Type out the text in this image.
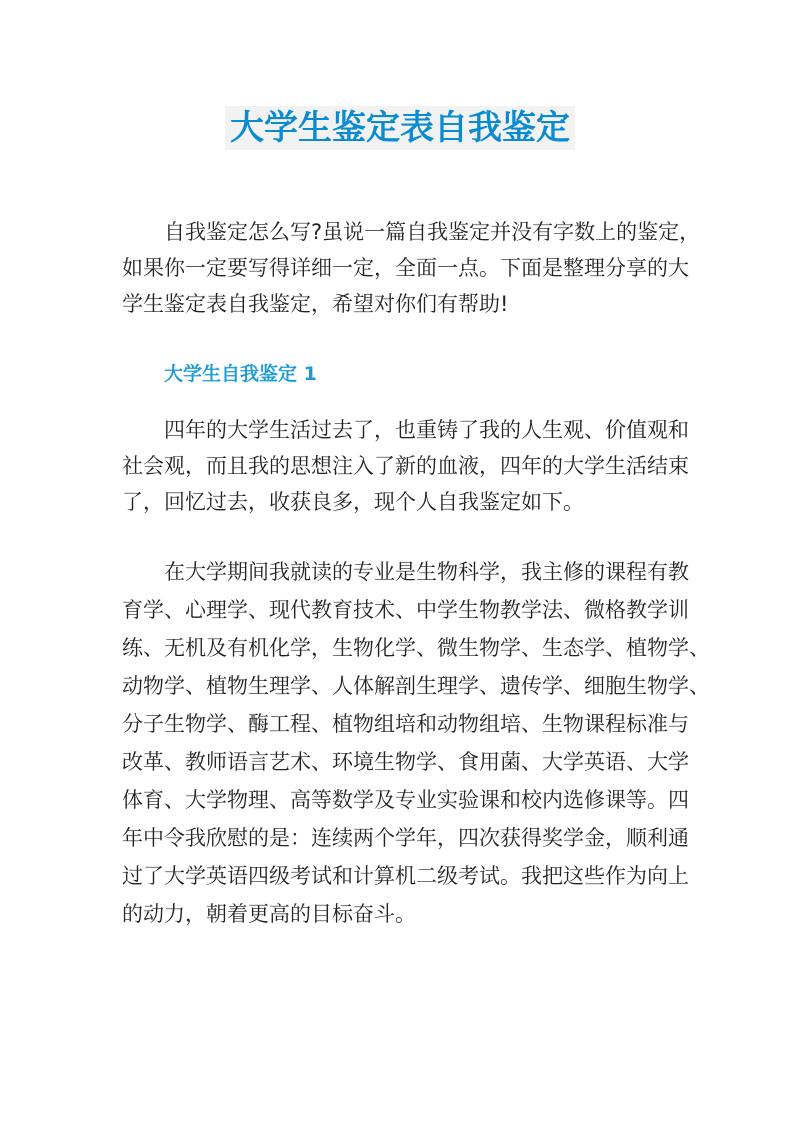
大学生鉴定表自我鉴定
自我鉴定怎么写?虽说一篇自我鉴定并没有字数上的鉴定，
如果你一定要写得详细一定，全面一点。下面是整理分享的大
学生鉴定表自我鉴定，希望对你们有帮助!
大学生自我鉴定 1
四年的大学生活过去了，也重铸了我的人生观、价值观和
社会观，而且我的思想注入了新的血液，四年的大学生活结束
了，回忆过去，收获良多，现个人自我鉴定如下。
在大学期间我就读的专业是生物科学，我主修的课程有教
育学、心理学、现代教育技术、中学生物教学法、微格教学训
练、无机及有机化学，生物化学、微生物学、生态学、植物学、
动物学、植物生理学、人体解剖生理学、遗传学、细胞生物学、
分子生物学、酶工程、植物组培和动物组培、生物课程标准与
改革、教师语言艺术、环境生物学、食用菌、大学英语、大学
体育、大学物理、高等数学及专业实验课和校内选修课等。四
年中令我欣慰的是：连续两个学年，四次获得奖学金，顺利通
过了大学英语四级考试和计算机二级考试。我把这些作为向上
的动力，朝着更高的目标奋斗。
